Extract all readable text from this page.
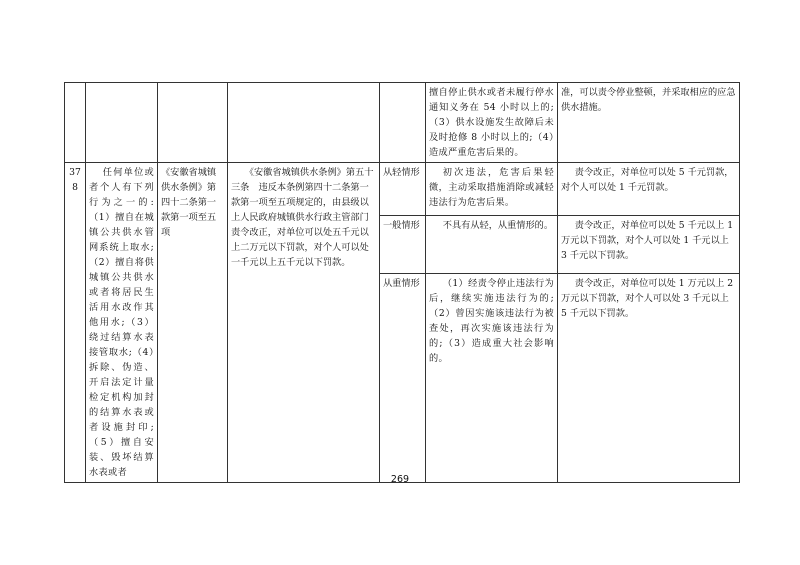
					擅自停止供水或者未履行停水通知义务在 54 小时以上的;（3）供水设施发生故障后未及时抢修 8 小时以上的;（4）造成严重危害后果的。	准，可以责令停业整顿，并采取相应的应急供水措施。
378	任何单位或者个人有下列行为之一的:（1）擅自在城镇公共供水管网系统上取水;（2）擅自将供城镇公共供水或者将居民生活用水改作其他用水;（3）绕过结算水表接管取水;（4）拆除、伪造、开启法定计量检定机构加封的结算水表或者设施封印;（5）擅自安装、毁坏结算水表或者	《安徽省城镇供水条例》第四十二条第一款第一项至五项	《安徽省城镇供水条例》第五十三条　违反本条例第四十二条第一款第一项至五项规定的，由县级以上人民政府城镇供水行政主管部门责令改正，对单位可以处五千元以上二万元以下罚款，对个人可以处一千元以上五千元以下罚款。	从轻情形	初次违法，危害后果轻微，主动采取措施消除或减轻违法行为危害后果。	责令改正，对单位可以处 5 千元罚款，对个人可以处 1 千元罚款。
				一般情形	不具有从轻，从重情形的。	责令改正，对单位可以处 5 千元以上 1 万元以下罚款，对个人可以处 1 千元以上 3 千元以下罚款。
				从重情形	（1）经责令停止违法行为后，继续实施违法行为的;（2）曾因实施该违法行为被查处，再次实施该违法行为的;（3）造成重大社会影响的。	责令改正，对单位可以处 1 万元以上 2 万元以下罚款，对个人可以处 3 千元以上 5 千元以下罚款。
269
